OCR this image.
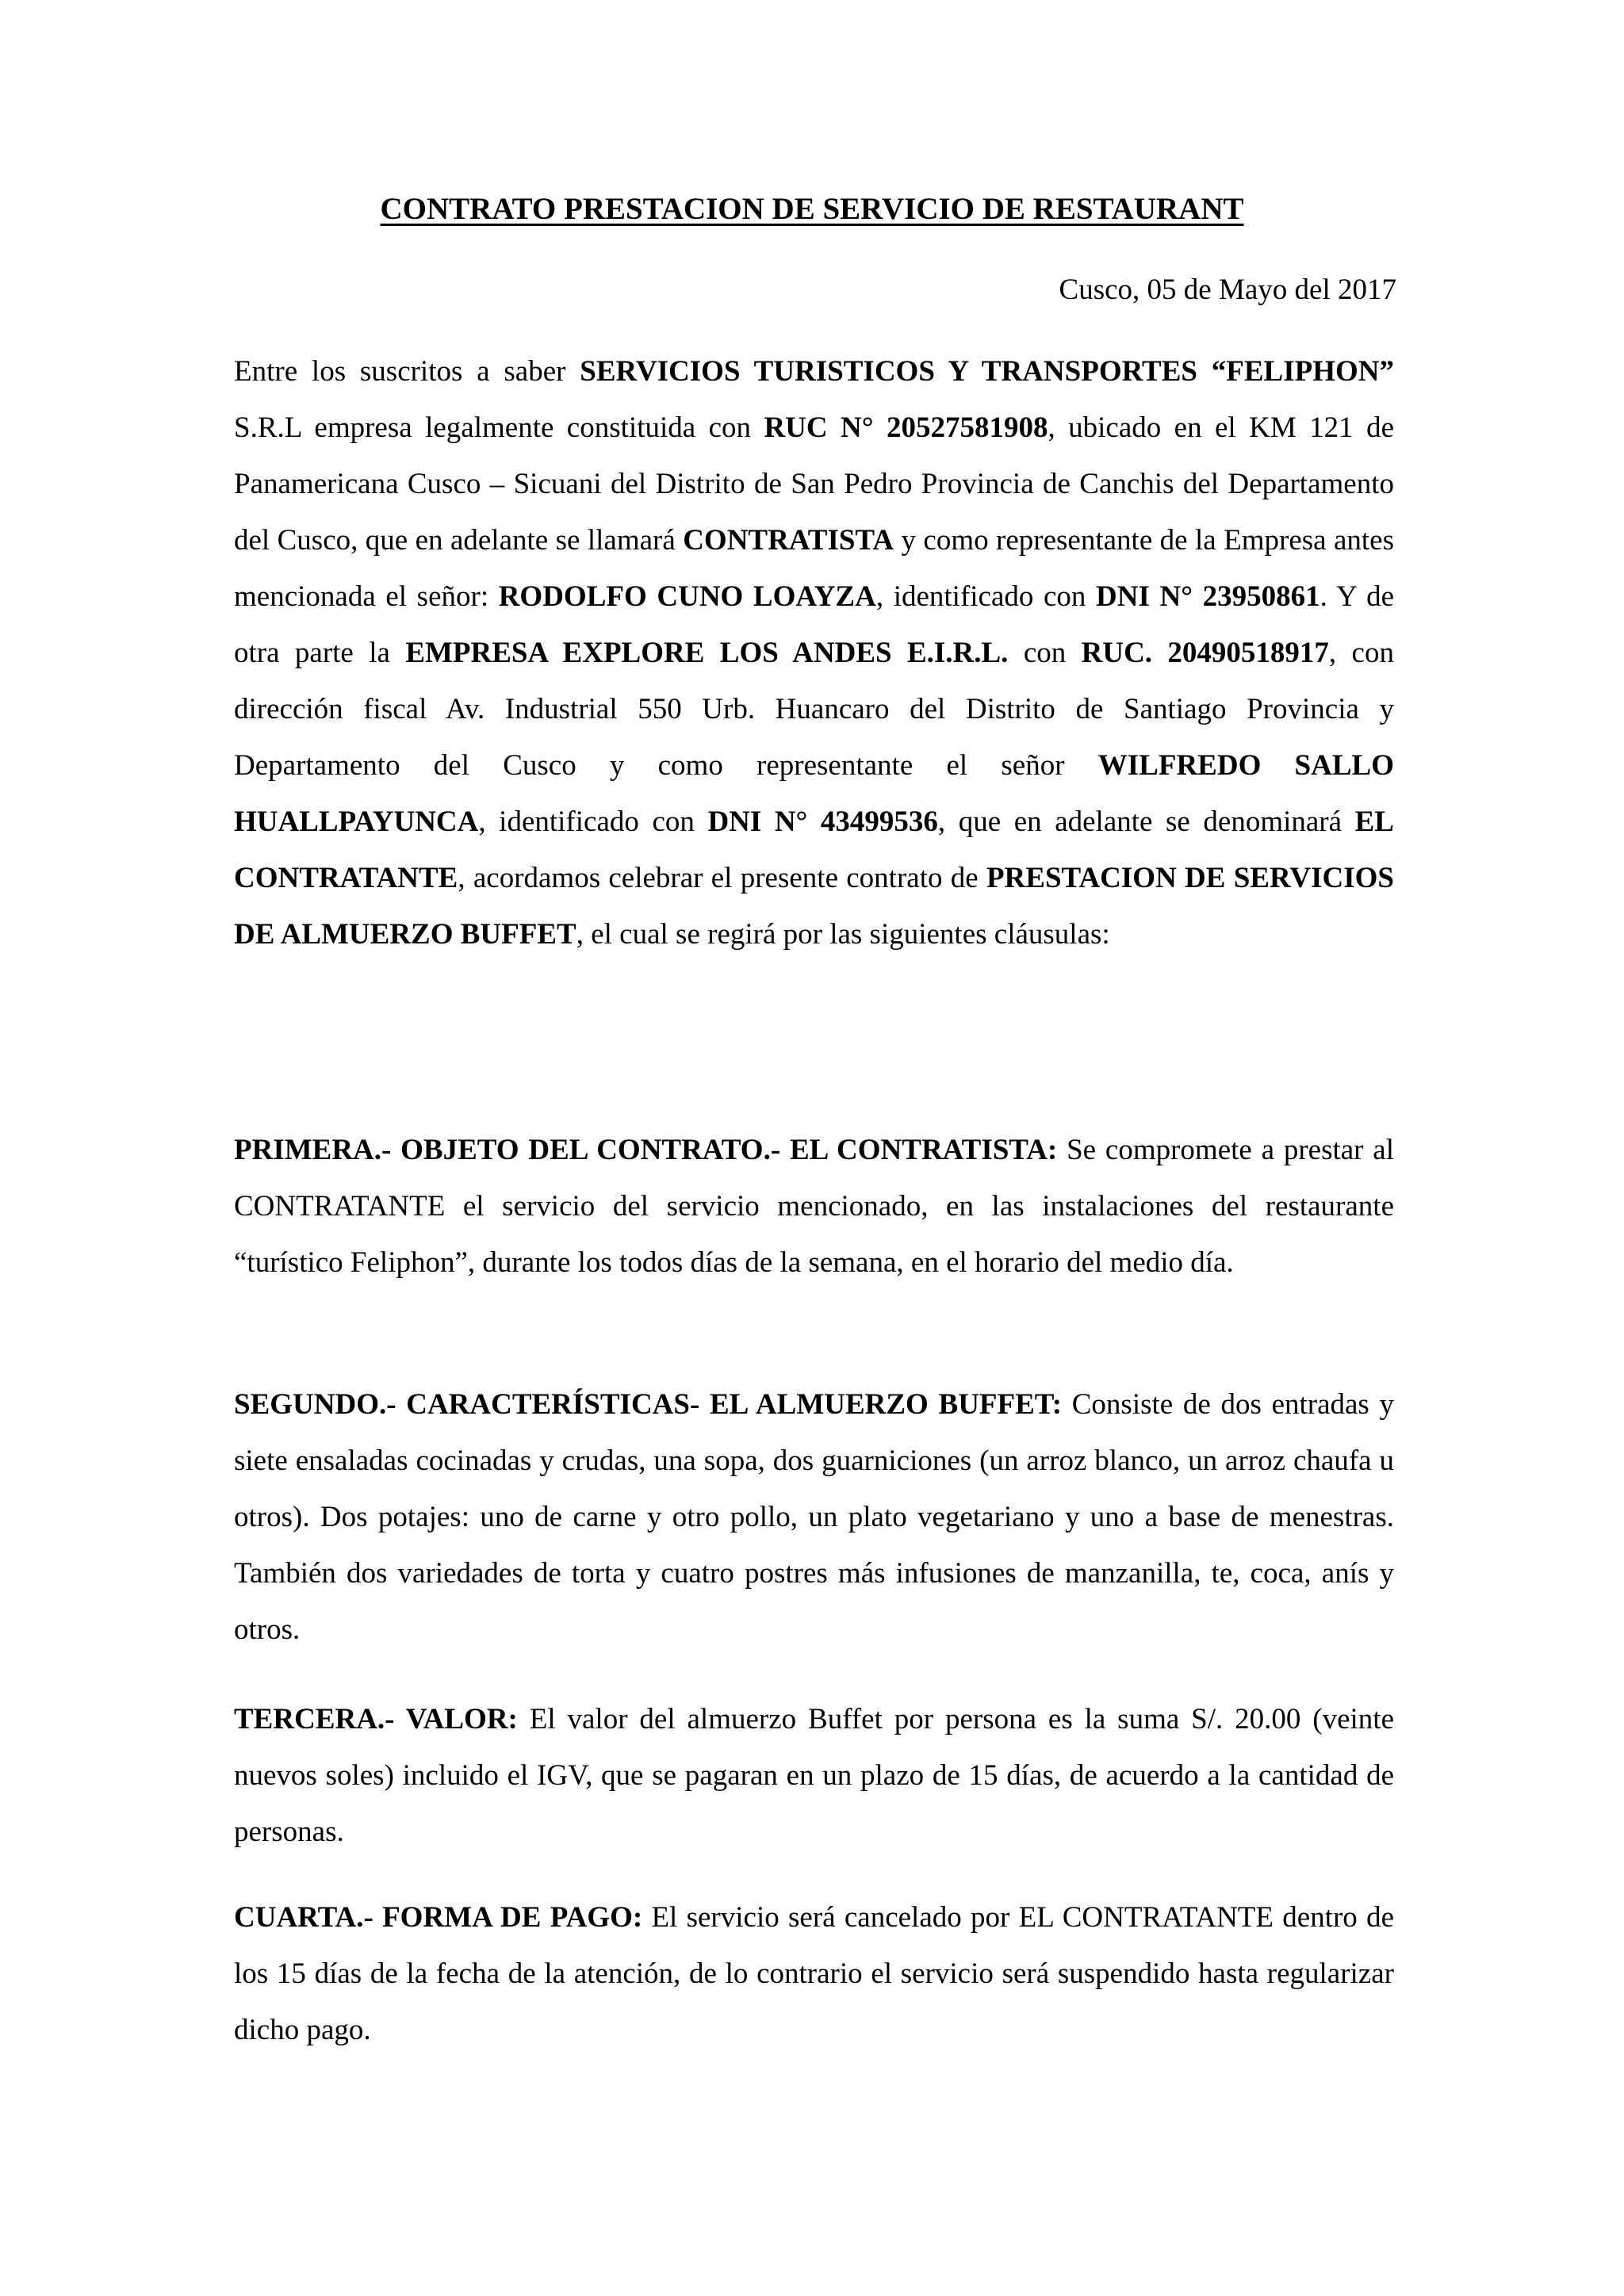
CONTRATO PRESTACION DE SERVICIO DE RESTAURANT
Cusco, 05 de Mayo del 2017
Entre los suscritos a saber SERVICIOS TURISTICOS Y TRANSPORTES “FELIPHON” S.R.L empresa legalmente constituida con RUC N° 20527581908, ubicado en el KM 121 de Panamericana Cusco – Sicuani del Distrito de San Pedro Provincia de Canchis del Departamento del Cusco, que en adelante se llamará CONTRATISTA y como representante de la Empresa antes mencionada el señor: RODOLFO CUNO LOAYZA, identificado con DNI N° 23950861. Y de otra parte la EMPRESA EXPLORE LOS ANDES E.I.R.L. con RUC. 20490518917, con dirección fiscal Av. Industrial 550 Urb. Huancaro del Distrito de Santiago Provincia y Departamento del Cusco y como representante el señor WILFREDO SALLO HUALLPAYUNCA, identificado con DNI N° 43499536, que en adelante se denominará EL CONTRATANTE, acordamos celebrar el presente contrato de PRESTACION DE SERVICIOS DE ALMUERZO BUFFET, el cual se regirá por las siguientes cláusulas:
PRIMERA.- OBJETO DEL CONTRATO.- EL CONTRATISTA: Se compromete a prestar al CONTRATANTE el servicio del servicio mencionado, en las instalaciones del restaurante “turístico Feliphon”, durante los todos días de la semana, en el horario del medio día.
SEGUNDO.- CARACTERÍSTICAS- EL ALMUERZO BUFFET: Consiste de dos entradas y siete ensaladas cocinadas y crudas, una sopa, dos guarniciones (un arroz blanco, un arroz chaufa u otros). Dos potajes: uno de carne y otro pollo, un plato vegetariano y uno a base de menestras. También dos variedades de torta y cuatro postres más infusiones de manzanilla, te, coca, anís y otros.
TERCERA.- VALOR: El valor del almuerzo Buffet por persona es la suma S/. 20.00 (veinte nuevos soles) incluido el IGV, que se pagaran en un plazo de 15 días, de acuerdo a la cantidad de personas.
CUARTA.- FORMA DE PAGO: El servicio será cancelado por EL CONTRATANTE dentro de los 15 días de la fecha de la atención, de lo contrario el servicio será suspendido hasta regularizar dicho pago.
